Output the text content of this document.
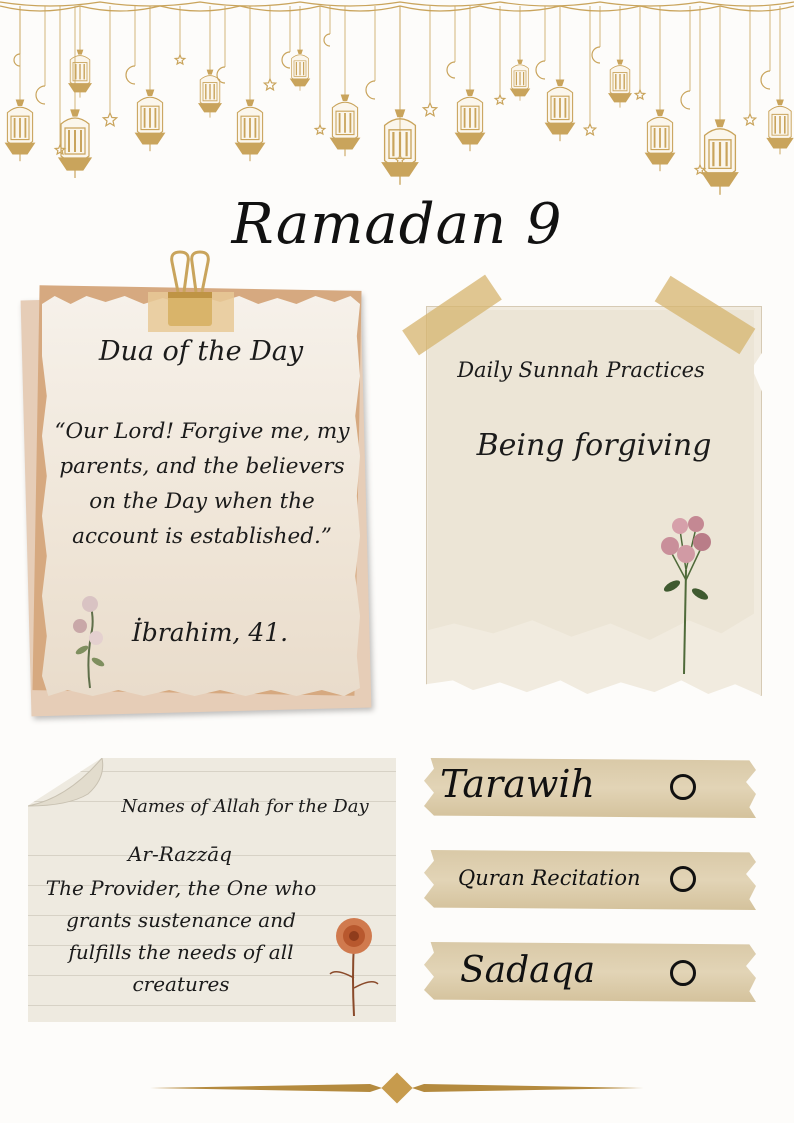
Ramadan 9
Dua of the Day
“Our Lord! Forgive me, my parents, and the believers on the Day when the account is established.”
İbrahim, 41.
Daily Sunnah Practices
Being forgiving
Names of Allah for the Day
Ar-Razzāq
The Provider, the One who grants sustenance and fulfills the needs of all creatures
Tarawih
Quran Recitation
Sadaqa
